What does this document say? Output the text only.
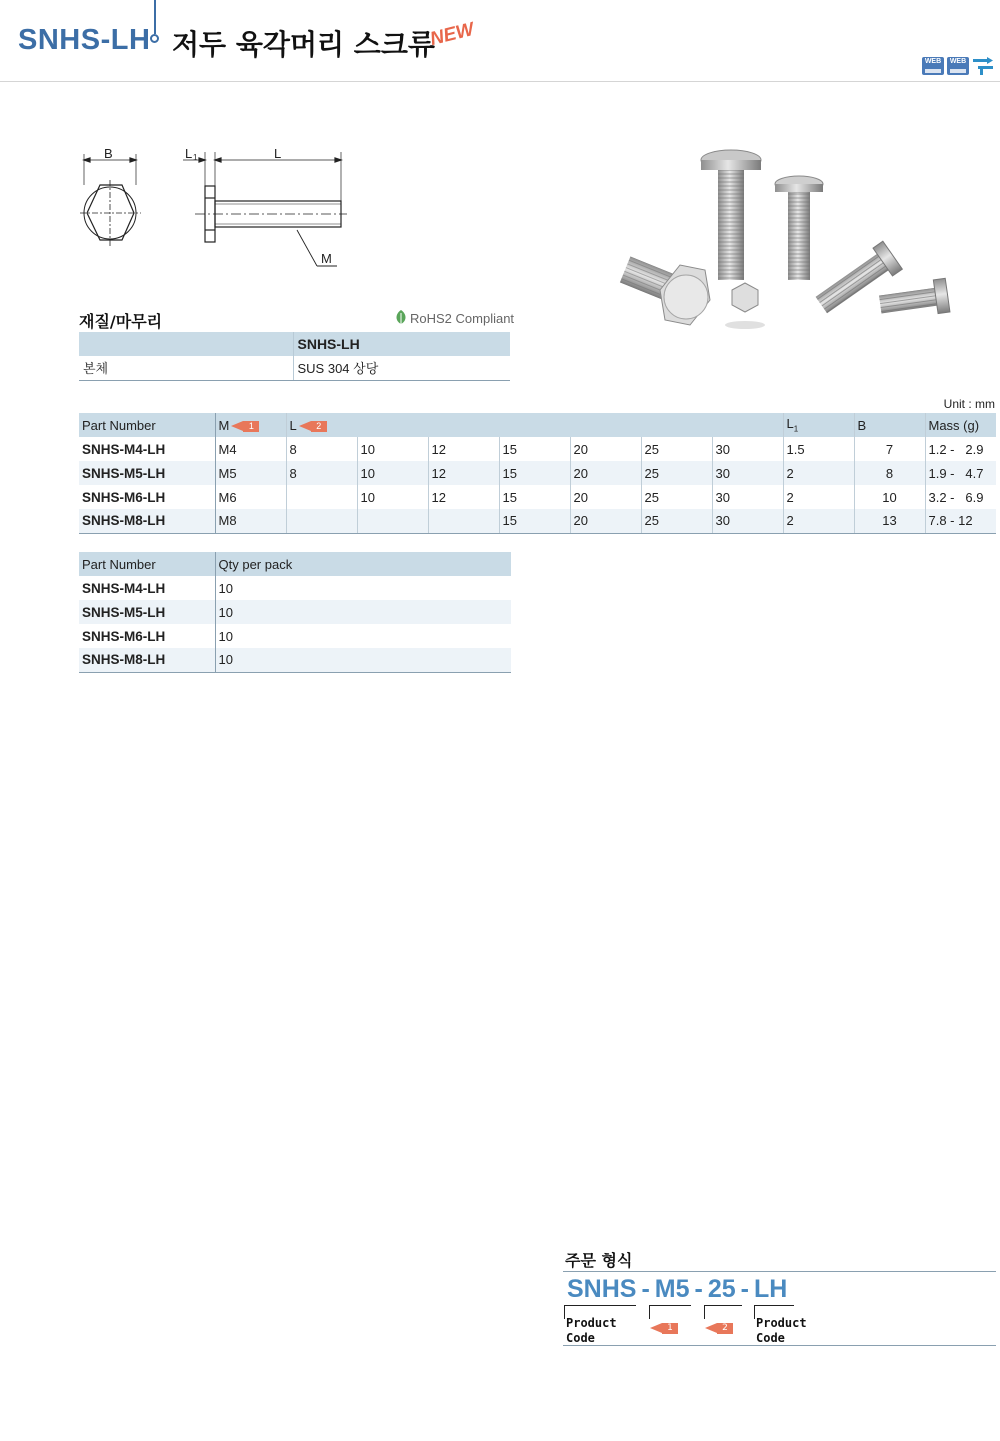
SNHS-LH 저두 육각머리 스크류
NEW
WEB	WEB
B	L 1	L
M
재질/마무리	RoHS2 Compliant
	SNHS-LH
본체	SUS 304 상당
Unit : mm
Part Number	M 1	L 2							$L_1$	B	Mass (g)
SNHS-M4-LH	M4	8	10	12	15	20	25	30	1.5	7	1.2 -   2.9
SNHS-M5-LH	M5	8	10	12	15	20	25	30	2	8	1.9 -   4.7
SNHS-M6-LH	M6		10	12	15	20	25	30	2	10	3.2 -   6.9
SNHS-M8-LH	M8				15	20	25	30	2	13	7.8 - 12
Part Number	Qty per pack
SNHS-M4-LH	10
SNHS-M5-LH	10
SNHS-M6-LH	10
SNHS-M8-LH	10
주문 형식
SNHS - M5 - 25 - LH
Product
Code
1	2	Product
Code
